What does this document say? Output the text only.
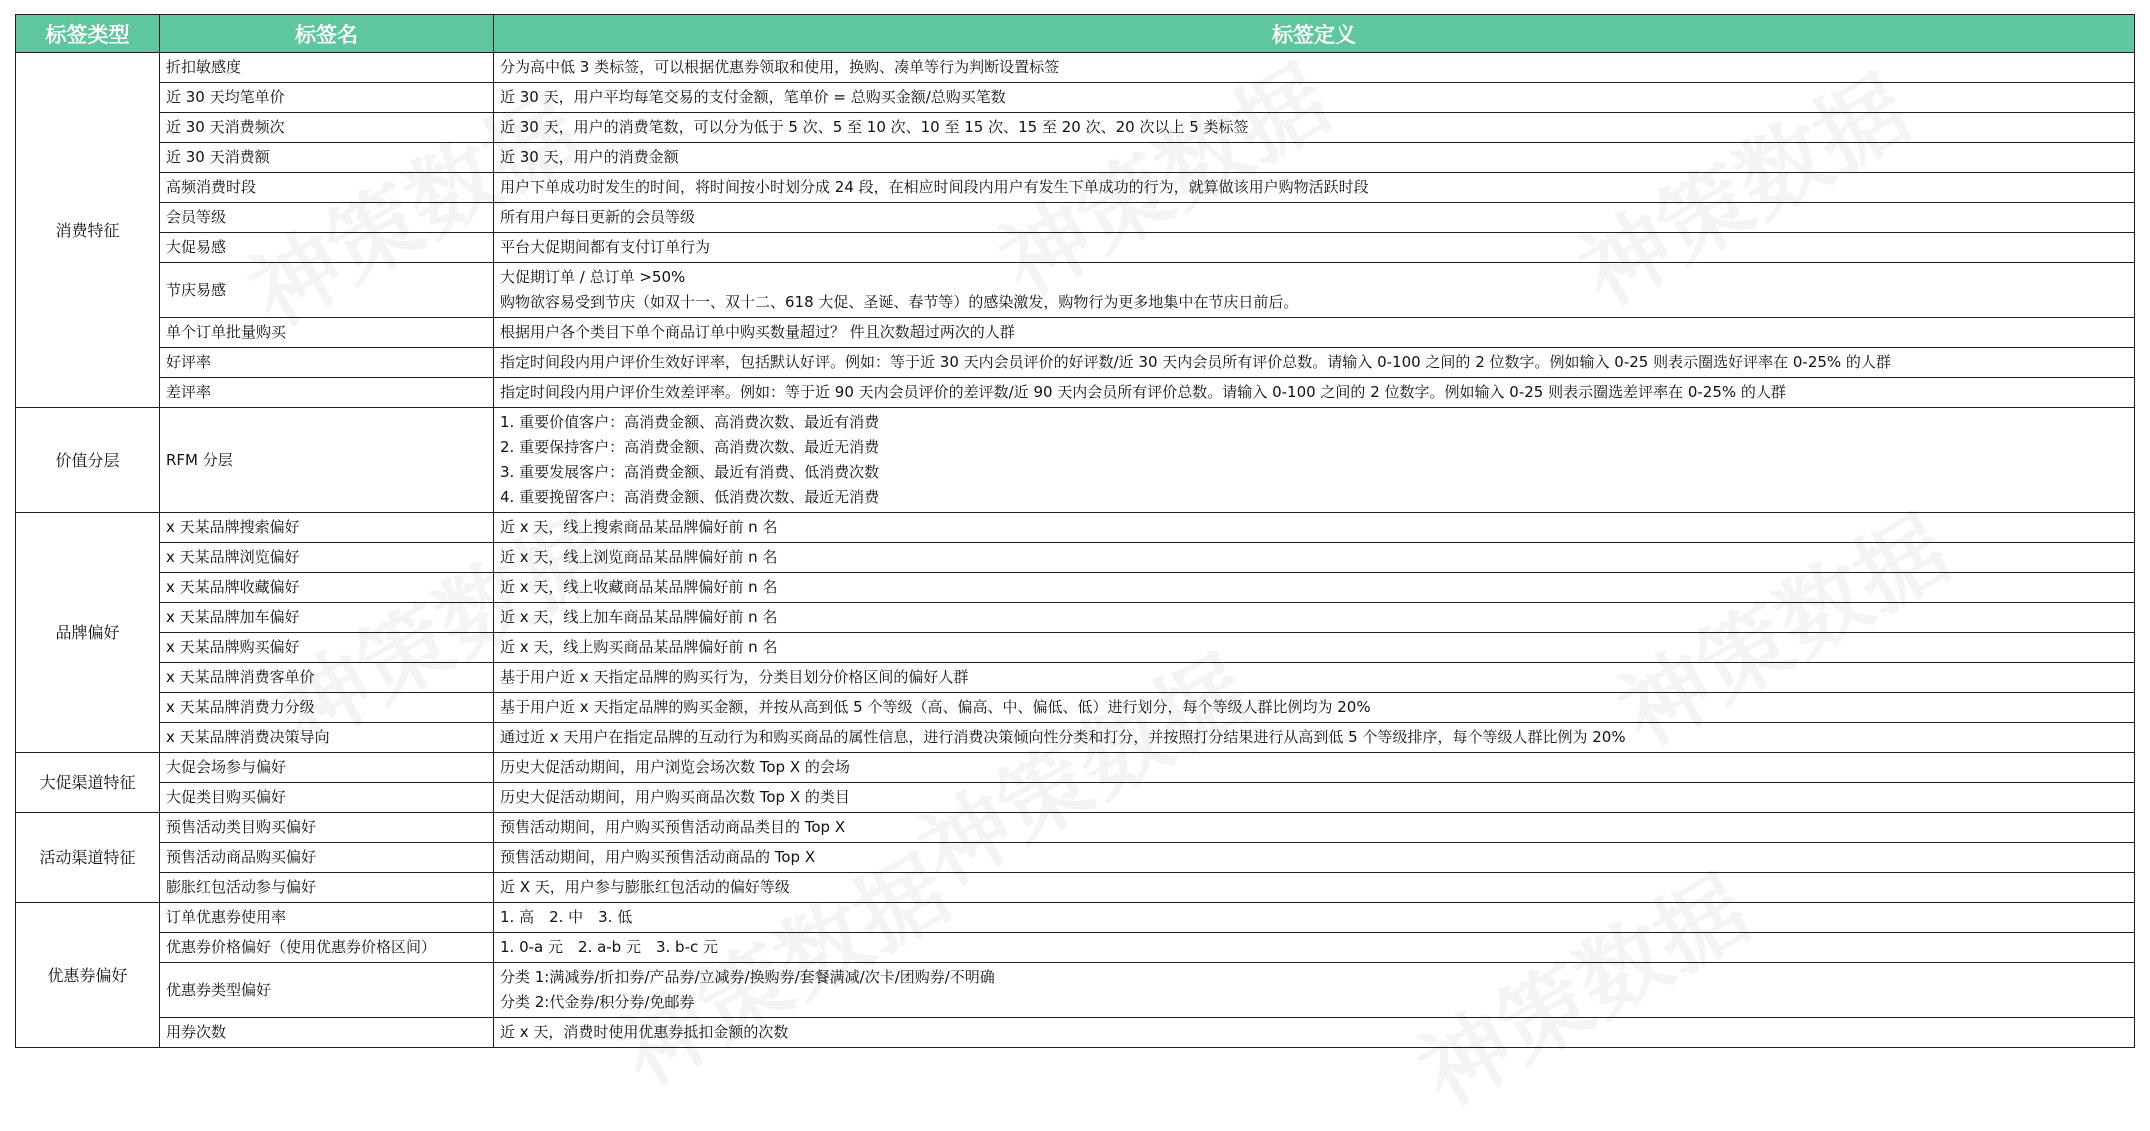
标签类型	标签名	标签定义
消费特征	折扣敏感度	分为高中低 3 类标签，可以根据优惠券领取和使用，换购、凑单等行为判断设置标签

	近 30 天均笔单价	近 30 天，用户平均每笔交易的支付金额，笔单价 = 总购买金额/总购买笔数

	近 30 天消费频次	近 30 天，用户的消费笔数，可以分为低于 5 次、5 至 10 次、10 至 15 次、15 至 20 次、20 次以上 5 类标签

	近 30 天消费额	近 30 天，用户的消费金额

	高频消费时段	用户下单成功时发生的时间，将时间按小时划分成 24 段，在相应时间段内用户有发生下单成功的行为，就算做该用户购物活跃时段

	会员等级	所有用户每日更新的会员等级

	大促易感	平台大促期间都有支付订单行为

	节庆易感	大促期订单 / 总订单 >50%
购物欲容易受到节庆（如双十一、双十二、618 大促、圣诞、春节等）的感染激发，购物行为更多地集中在节庆日前后。

	单个订单批量购买	根据用户各个类目下单个商品订单中购买数量超过？ 件且次数超过两次的人群

	好评率	指定时间段内用户评价生效好评率，包括默认好评。例如：等于近 30 天内会员评价的好评数/近 30 天内会员所有评价总数。请输入 0-100 之间的 2 位数字。例如输入 0-25 则表示圈选好评率在 0-25% 的人群

	差评率	指定时间段内用户评价生效差评率。例如：等于近 90 天内会员评价的差评数/近 90 天内会员所有评价总数。请输入 0-100 之间的 2 位数字。例如输入 0-25 则表示圈选差评率在 0-25% 的人群

价值分层	RFM 分层	1. 重要价值客户：高消费金额、高消费次数、最近有消费
2. 重要保持客户：高消费金额、高消费次数、最近无消费
3. 重要发展客户：高消费金额、最近有消费、低消费次数
4. 重要挽留客户：高消费金额、低消费次数、最近无消费

品牌偏好	x 天某品牌搜索偏好	近 x 天，线上搜索商品某品牌偏好前 n 名

	x 天某品牌浏览偏好	近 x 天，线上浏览商品某品牌偏好前 n 名

	x 天某品牌收藏偏好	近 x 天，线上收藏商品某品牌偏好前 n 名

	x 天某品牌加车偏好	近 x 天，线上加车商品某品牌偏好前 n 名

	x 天某品牌购买偏好	近 x 天，线上购买商品某品牌偏好前 n 名

	x 天某品牌消费客单价	基于用户近 x 天指定品牌的购买行为，分类目划分价格区间的偏好人群

	x 天某品牌消费力分级	基于用户近 x 天指定品牌的购买金额，并按从高到低 5 个等级（高、偏高、中、偏低、低）进行划分，每个等级人群比例均为 20%

	x 天某品牌消费决策导向	通过近 x 天用户在指定品牌的互动行为和购买商品的属性信息，进行消费决策倾向性分类和打分，并按照打分结果进行从高到低 5 个等级排序，每个等级人群比例为 20%

大促渠道特征	大促会场参与偏好	历史大促活动期间，用户浏览会场次数 Top X 的会场

	大促类目购买偏好	历史大促活动期间，用户购买商品次数 Top X 的类目

活动渠道特征	预售活动类目购买偏好	预售活动期间，用户购买预售活动商品类目的 Top X

	预售活动商品购买偏好	预售活动期间，用户购买预售活动商品的 Top X

	膨胀红包活动参与偏好	近 X 天，用户参与膨胀红包活动的偏好等级

优惠券偏好	订单优惠券使用率	1. 高　2. 中　3. 低

	优惠券价格偏好（使用优惠券价格区间）	1. 0-a 元　2. a-b 元　3. b-c 元

	优惠券类型偏好	分类 1:满减券/折扣券/产品券/立减券/换购券/套餐满减/次卡/团购券/不明确
分类 2:代金券/积分券/免邮券

	用券次数	近 x 天，消费时使用优惠券抵扣金额的次数
